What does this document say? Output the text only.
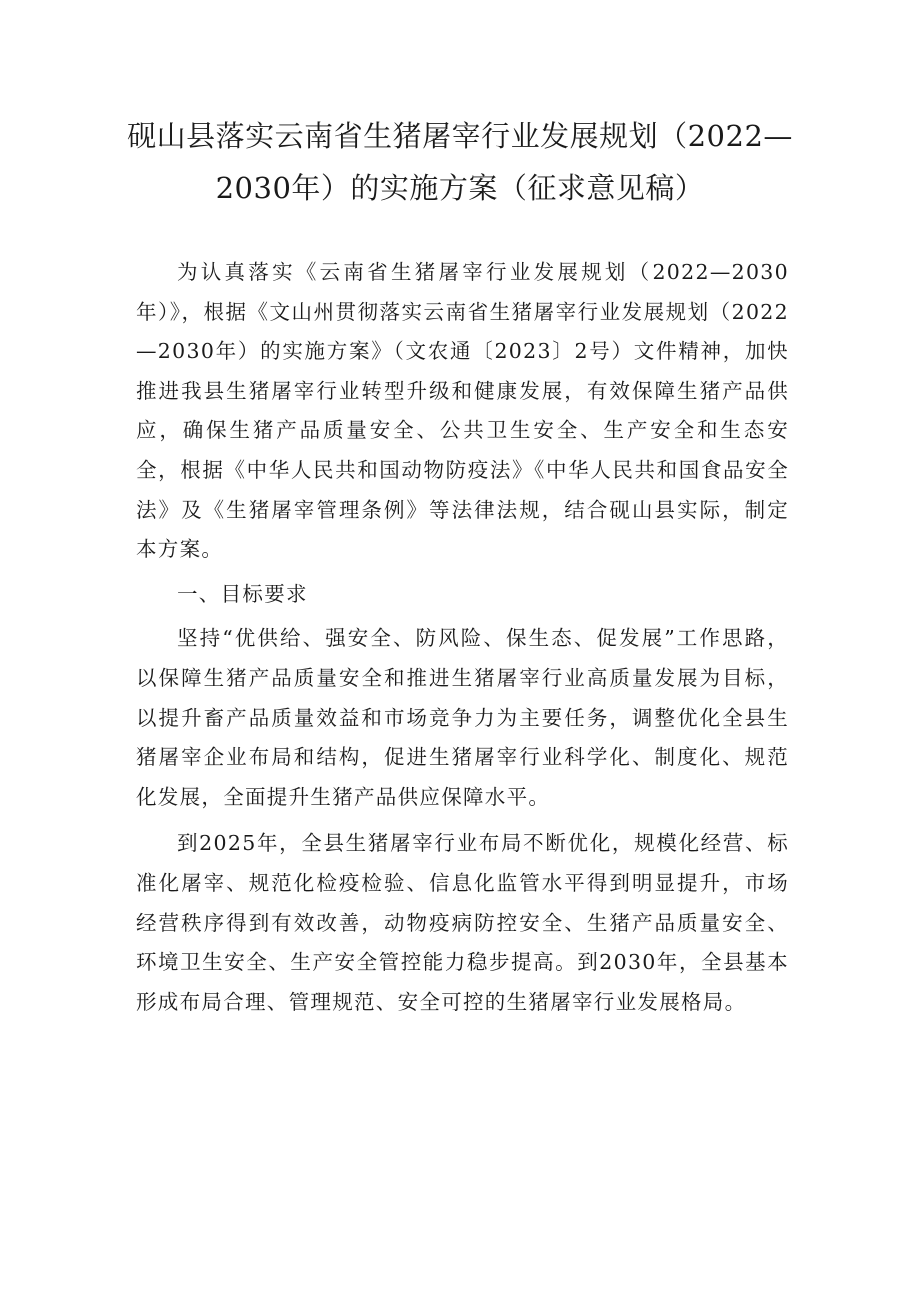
砚山县落实云南省生猪屠宰行业发展规划（2022—
2030年）的实施方案（征求意见稿）

为认真落实《云南省生猪屠宰行业发展规划（2022—2030年）》，根据《文山州贯彻落实云南省生猪屠宰行业发展规划（2022—2030年）的实施方案》（文农通〔2023〕2号）文件精神，加快推进我县生猪屠宰行业转型升级和健康发展，有效保障生猪产品供应，确保生猪产品质量安全、公共卫生安全、生产安全和生态安全，根据《中华人民共和国动物防疫法》《中华人民共和国食品安全法》及《生猪屠宰管理条例》等法律法规，结合砚山县实际，制定本方案。

一、目标要求

坚持“优供给、强安全、防风险、保生态、促发展”工作思路，以保障生猪产品质量安全和推进生猪屠宰行业高质量发展为目标，以提升畜产品质量效益和市场竞争力为主要任务，调整优化全县生猪屠宰企业布局和结构，促进生猪屠宰行业科学化、制度化、规范化发展，全面提升生猪产品供应保障水平。

到2025年，全县生猪屠宰行业布局不断优化，规模化经营、标准化屠宰、规范化检疫检验、信息化监管水平得到明显提升，市场经营秩序得到有效改善，动物疫病防控安全、生猪产品质量安全、环境卫生安全、生产安全管控能力稳步提高。到2030年，全县基本形成布局合理、管理规范、安全可控的生猪屠宰行业发展格局。
